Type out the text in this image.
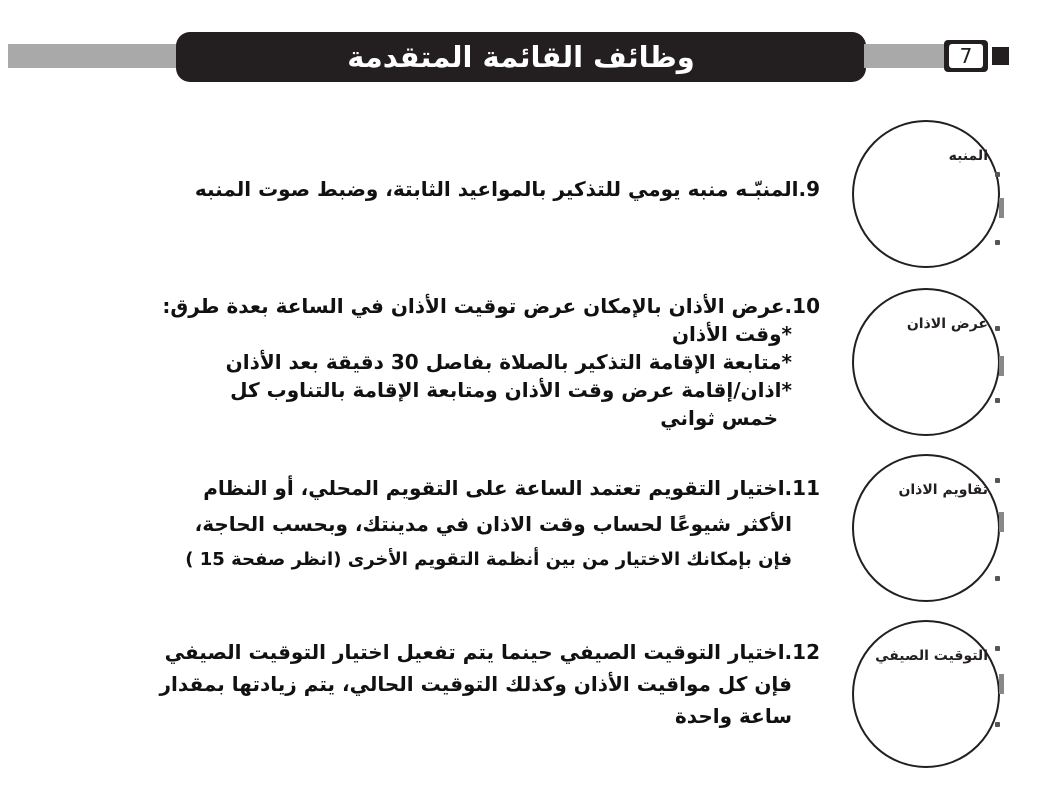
وظائف القائمة المتقدمة	7
9.المنبّـه منبه يومي للتذكير بالمواعيد الثابتة، وضبط صوت المنبه
المنبه
10.عرض الأذان بالإمكان عرض توقيت الأذان في الساعة بعدة طرق:
*وقت الأذان
*متابعة الإقامة التذكير بالصلاة بفاصل 30 دقيقة بعد الأذان
*اذان/إقامة عرض وقت الأذان ومتابعة الإقامة بالتناوب كل
خمس ثواني
عرض الاذان
11.اختيار التقويم تعتمد الساعة على التقويم المحلي، أو النظام
الأكثر شيوعًا لحساب وقت الاذان في مدينتك، وبحسب الحاجة،
فإن بإمكانك الاختيار من بين أنظمة التقويم الأخرى (انظر صفحة 15 )
تقاويم الاذان
12.اختيار التوقيت الصيفي حينما يتم تفعيل اختيار التوقيت الصيفي
فإن كل مواقيت الأذان وكذلك التوقيت الحالي، يتم زيادتها بمقدار
ساعة واحدة
التوقيت الصيفي
